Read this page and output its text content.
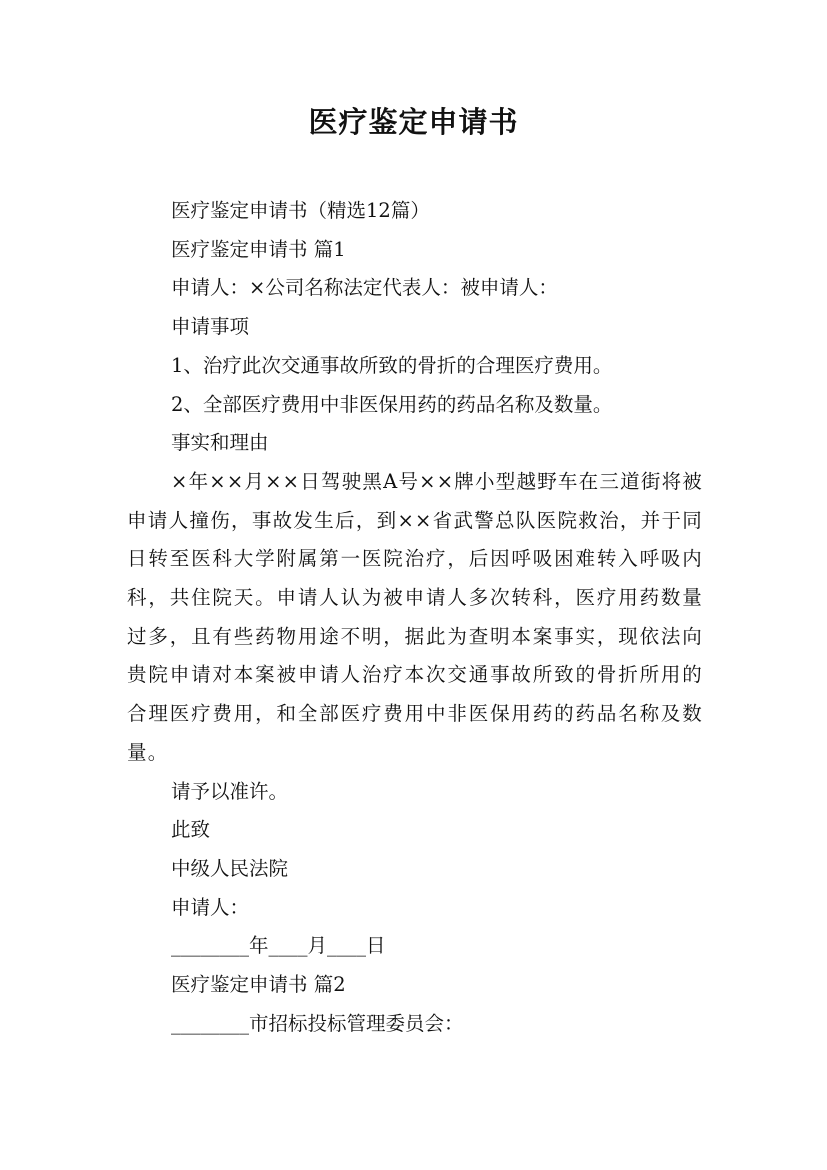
医疗鉴定申请书
医疗鉴定申请书（精选12篇）
医疗鉴定申请书 篇1
申请人：×公司名称法定代表人：被申请人：
申请事项
1、治疗此次交通事故所致的骨折的合理医疗费用。
2、全部医疗费用中非医保用药的药品名称及数量。
事实和理由
×年××月××日驾驶黑A号××牌小型越野车在三道街将被申请人撞伤，事故发生后，到××省武警总队医院救治，并于同日转至医科大学附属第一医院治疗，后因呼吸困难转入呼吸内科，共住院天。申请人认为被申请人多次转科，医疗用药数量过多，且有些药物用途不明，据此为查明本案事实，现依法向贵院申请对本案被申请人治疗本次交通事故所致的骨折所用的合理医疗费用，和全部医疗费用中非医保用药的药品名称及数量。
请予以准许。
此致
中级人民法院
申请人：
________年____月____日
医疗鉴定申请书 篇2
________市招标投标管理委员会：
